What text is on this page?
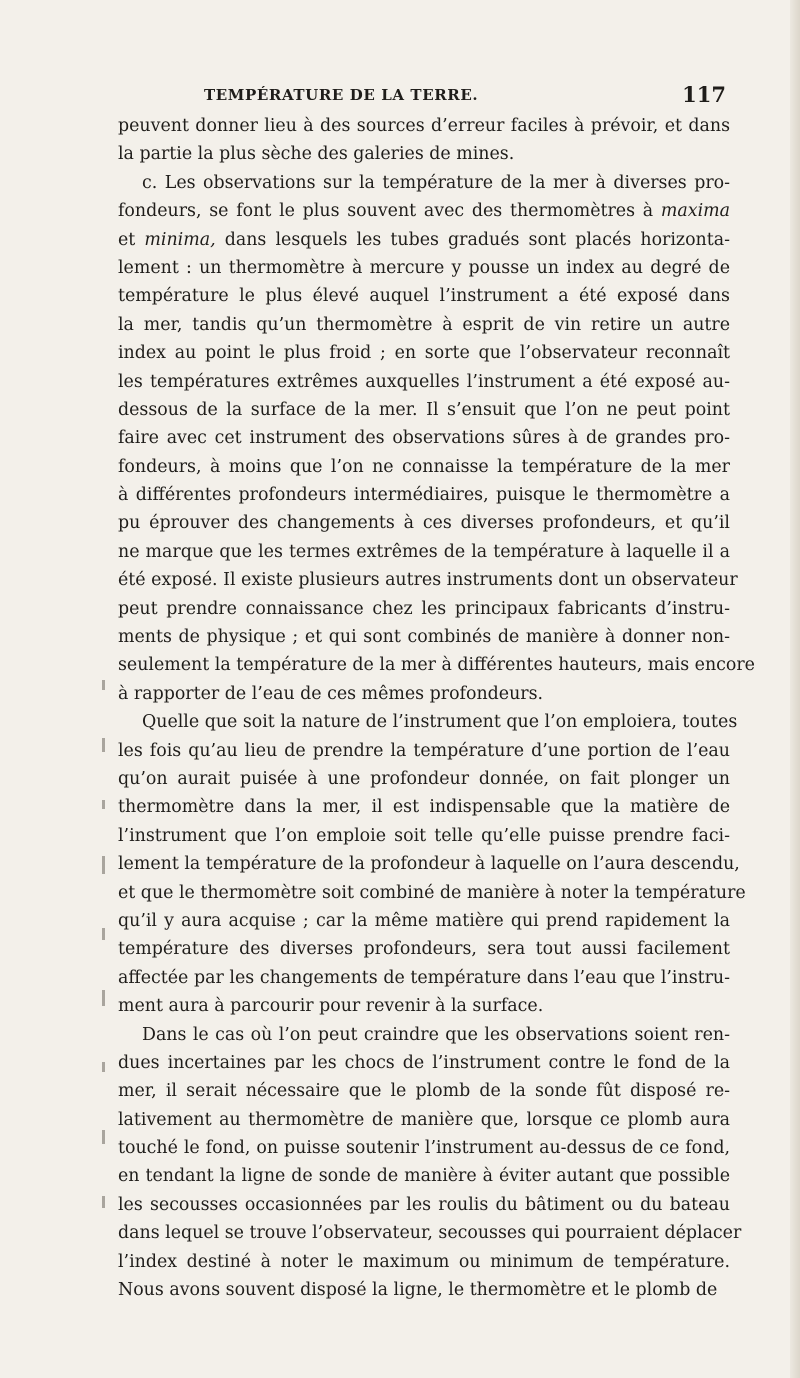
TEMPÉRATURE DE LA TERRE.	117
peuvent donner lieu à des sources d’erreur faciles à prévoir, et dans
la partie la plus sèche des galeries de mines.
c. Les observations sur la température de la mer à diverses pro-
fondeurs, se font le plus souvent avec des thermomètres à maxima
et minima, dans lesquels les tubes gradués sont placés horizonta-
lement : un thermomètre à mercure y pousse un index au degré de
température le plus élevé auquel l’instrument a été exposé dans
la mer, tandis qu’un thermomètre à esprit de vin retire un autre
index au point le plus froid ; en sorte que l’observateur reconnaît
les températures extrêmes auxquelles l’instrument a été exposé au-
dessous de la surface de la mer. Il s’ensuit que l’on ne peut point
faire avec cet instrument des observations sûres à de grandes pro-
fondeurs, à moins que l’on ne connaisse la température de la mer
à différentes profondeurs intermédiaires, puisque le thermomètre a
pu éprouver des changements à ces diverses profondeurs, et qu’il
ne marque que les termes extrêmes de la température à laquelle il a
été exposé. Il existe plusieurs autres instruments dont un observateur
peut prendre connaissance chez les principaux fabricants d’instru-
ments de physique ; et qui sont combinés de manière à donner non-
seulement la température de la mer à différentes hauteurs, mais encore
à rapporter de l’eau de ces mêmes profondeurs.
Quelle que soit la nature de l’instrument que l’on emploiera, toutes
les fois qu’au lieu de prendre la température d’une portion de l’eau
qu’on aurait puisée à une profondeur donnée, on fait plonger un
thermomètre dans la mer, il est indispensable que la matière de
l’instrument que l’on emploie soit telle qu’elle puisse prendre faci-
lement la température de la profondeur à laquelle on l’aura descendu,
et que le thermomètre soit combiné de manière à noter la température
qu’il y aura acquise ; car la même matière qui prend rapidement la
température des diverses profondeurs, sera tout aussi facilement
affectée par les changements de température dans l’eau que l’instru-
ment aura à parcourir pour revenir à la surface.
Dans le cas où l’on peut craindre que les observations soient ren-
dues incertaines par les chocs de l’instrument contre le fond de la
mer, il serait nécessaire que le plomb de la sonde fût disposé re-
lativement au thermomètre de manière que, lorsque ce plomb aura
touché le fond, on puisse soutenir l’instrument au-dessus de ce fond,
en tendant la ligne de sonde de manière à éviter autant que possible
les secousses occasionnées par les roulis du bâtiment ou du bateau
dans lequel se trouve l’observateur, secousses qui pourraient déplacer
l’index destiné à noter le maximum ou minimum de température.
Nous avons souvent disposé la ligne, le thermomètre et le plomb de
